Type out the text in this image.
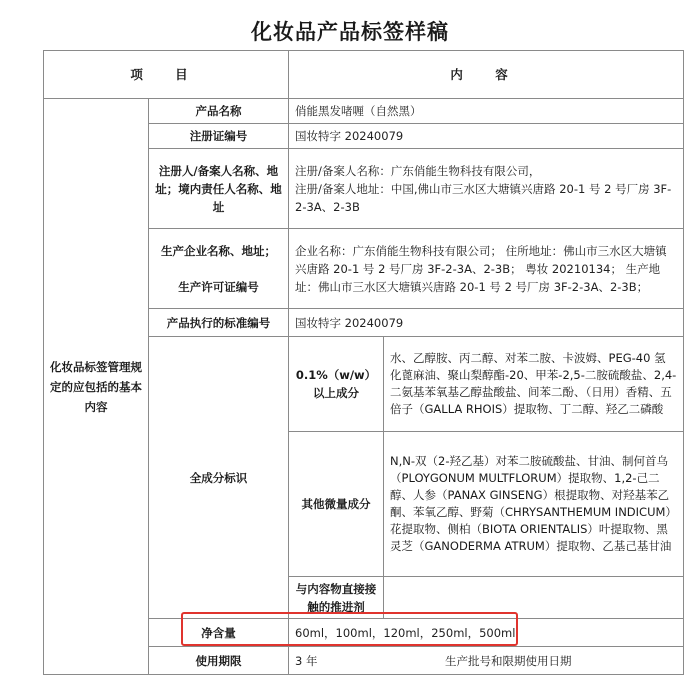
化妆品产品标签样稿
项 目		内 容	
化妆品标签管理规定的应包括的基本内容	产品名称	俏能黑发啫喱（自然黑）	
	注册证编号	国妆特字 20240079	
	注册人/备案人名称、地址；境内责任人名称、地址	注册/备案人名称：广东俏能生物科技有限公司，
注册/备案人地址：中国,佛山市三水区大塘镇兴唐路 20-1 号 2 号厂房 3F-2-3A、2-3B	

	生产企业名称、地址；
生产许可证编号	企业名称：广东俏能生物科技有限公司； 住所地址：佛山市三水区大塘镇兴唐路 20-1 号 2 号厂房 3F-2-3A、2-3B； 粤妆 20210134； 生产地址：佛山市三水区大塘镇兴唐路 20-1 号 2 号厂房 3F-2-3A、2-3B；	
	产品执行的标准编号	国妆特字 20240079	
	全成分标识	0.1%（w/w）以上成分	水、乙醇胺、丙二醇、对苯二胺、卡波姆、PEG-40 氢化蓖麻油、聚山梨醇酯-20、甲苯-2,5-二胺硫酸盐、2,4-二氨基苯氧基乙醇盐酸盐、间苯二酚、（日用）香精、五倍子（GALLA RHOIS）提取物、丁二醇、羟乙二磷酸
		其他微量成分	N,N-双（2-羟乙基）对苯二胺硫酸盐、甘油、制何首乌（PLOYGONUM MULTFLORUM）提取物、1,2-己二醇、人参（PANAX GINSENG）根提取物、对羟基苯乙酮、苯氧乙醇、野菊（CHRYSANTHEMUM INDICUM）花提取物、侧柏（BIOTA ORIENTALIS）叶提取物、黑灵芝（GANODERMA ATRUM）提取物、乙基己基甘油
		与内容物直接接触的推进剂	
	净含量	60ml，100ml，120ml，250ml，500ml	
	使用期限	3 年 生产批号和限期使用日期	
